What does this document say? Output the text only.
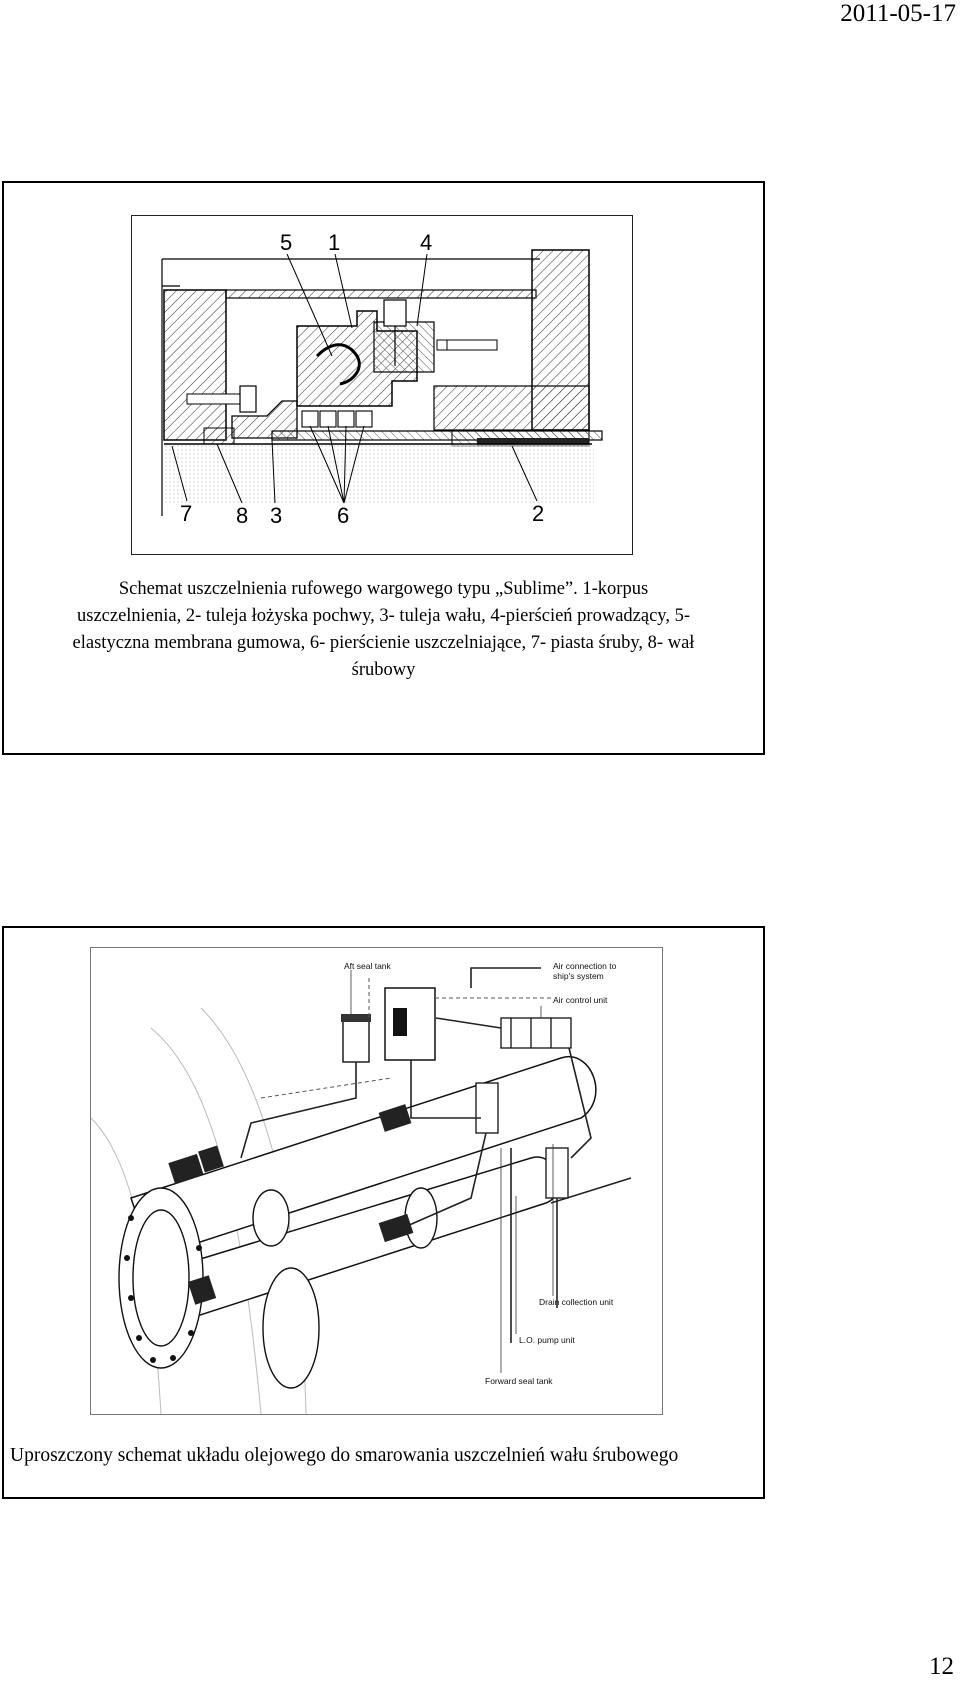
2011-05-17
5 1	4
7 8 3 6	2
Schemat uszczelnienia rufowego wargowego typu „Sublime”. 1-korpus
uszczelnienia, 2- tuleja łożyska pochwy, 3- tuleja wału, 4-pierścień prowadzący, 5-
elastyczna membrana gumowa, 6- pierścienie uszczelniające, 7- piasta śruby, 8- wał
śrubowy
Aft seal tank	Air connection to
ship's system
Air control unit
Drain collection unit
L.O. pump unit
Forward seal tank
Uproszczony schemat układu olejowego do smarowania uszczelnień wału śrubowego
12
